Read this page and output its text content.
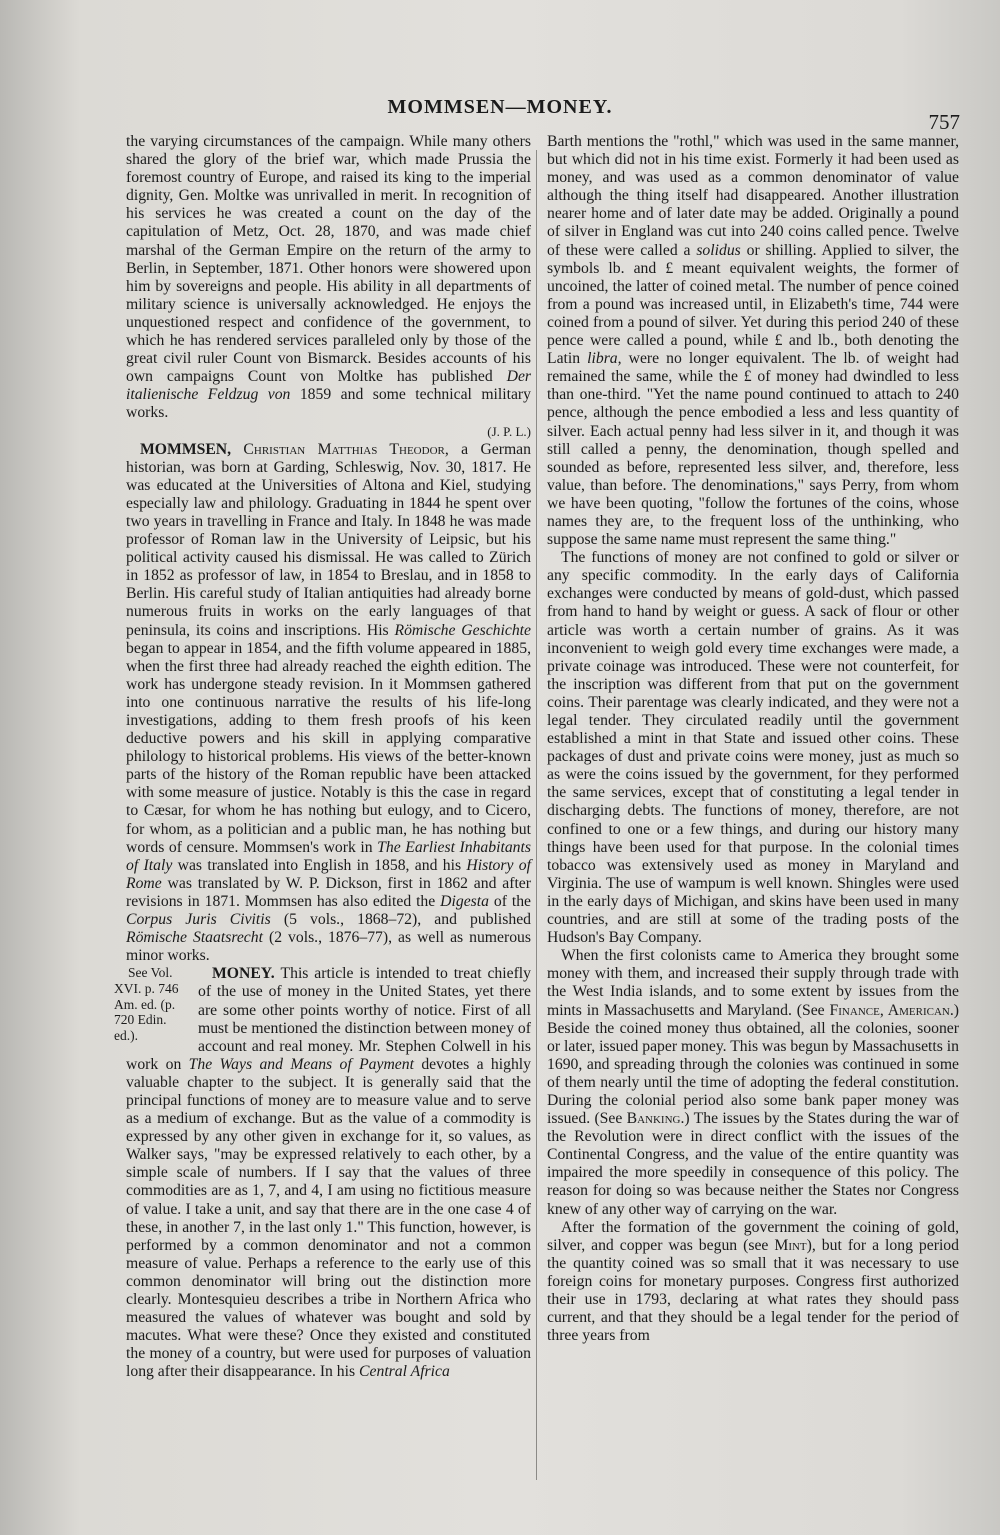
MOMMSEN—MONEY.
757

the varying circumstances of the campaign. While many others shared the glory of the brief war, which made Prussia the foremost country of Europe, and raised its king to the imperial dignity, Gen. Moltke was unrivalled in merit. In recognition of his services he was created a count on the day of the capitulation of Metz, Oct. 28, 1870, and was made chief marshal of the German Empire on the return of the army to Berlin, in September, 1871. Other honors were showered upon him by sovereigns and people. His ability in all departments of military science is universally acknowledged. He enjoys the unquestioned respect and confidence of the government, to which he has rendered services paralleled only by those of the great civil ruler Count von Bismarck. Besides accounts of his own campaigns Count von Moltke has published Der italienische Feldzug von 1859 and some technical military works.
(J. P. L.)

MOMMSEN, Christian Matthias Theodor, a German historian, was born at Garding, Schleswig, Nov. 30, 1817. He was educated at the Universities of Altona and Kiel, studying especially law and philology. Graduating in 1844 he spent over two years in travelling in France and Italy. In 1848 he was made professor of Roman law in the University of Leipsic, but his political activity caused his dismissal. He was called to Zürich in 1852 as professor of law, in 1854 to Breslau, and in 1858 to Berlin. His careful study of Italian antiquities had already borne numerous fruits in works on the early languages of that peninsula, its coins and inscriptions. His Römische Geschichte began to appear in 1854, and the fifth volume appeared in 1885, when the first three had already reached the eighth edition. The work has undergone steady revision. In it Mommsen gathered into one continuous narrative the results of his life-long investigations, adding to them fresh proofs of his keen deductive powers and his skill in applying comparative philology to historical problems. His views of the better-known parts of the history of the Roman republic have been attacked with some measure of justice. Notably is this the case in regard to Cæsar, for whom he has nothing but eulogy, and to Cicero, for whom, as a politician and a public man, he has nothing but words of censure. Mommsen's work in The Earliest Inhabitants of Italy was translated into English in 1858, and his History of Rome was translated by W. P. Dickson, first in 1862 and after revisions in 1871. Mommsen has also edited the Digesta of the Corpus Juris Civitis (5 vols., 1868–72), and published Römische Staatsrecht (2 vols., 1876–77), as well as numerous minor works.

MONEY.
See Vol. XVI. p. 746 Am. ed. (p. 720 Edin. ed.).
This article is intended to treat chiefly of the use of money in the United States, yet there are some other points worthy of notice. First of all must be mentioned the distinction between money of account and real money. Mr. Stephen Colwell in his work on The Ways and Means of Payment devotes a highly valuable chapter to the subject. It is generally said that the principal functions of money are to measure value and to serve as a medium of exchange. But as the value of a commodity is expressed by any other given in exchange for it, so values, as Walker says, "may be expressed relatively to each other, by a simple scale of numbers. If I say that the values of three commodities are as 1, 7, and 4, I am using no fictitious measure of value. I take a unit, and say that there are in the one case 4 of these, in another 7, in the last only 1." This function, however, is performed by a common denominator and not a common measure of value. Perhaps a reference to the early use of this common denominator will bring out the distinction more clearly. Montesquieu describes a tribe in Northern Africa who measured the values of whatever was bought and sold by macutes. What were these? Once they existed and constituted the money of a country, but were used for purposes of valuation long after their disappearance. In his Central Africa

Barth mentions the "rothl," which was used in the same manner, but which did not in his time exist. Formerly it had been used as money, and was used as a common denominator of value although the thing itself had disappeared. Another illustration nearer home and of later date may be added. Originally a pound of silver in England was cut into 240 coins called pence. Twelve of these were called a solidus or shilling. Applied to silver, the symbols lb. and £ meant equivalent weights, the former of uncoined, the latter of coined metal. The number of pence coined from a pound was increased until, in Elizabeth's time, 744 were coined from a pound of silver. Yet during this period 240 of these pence were called a pound, while £ and lb., both denoting the Latin libra, were no longer equivalent. The lb. of weight had remained the same, while the £ of money had dwindled to less than one-third. "Yet the name pound continued to attach to 240 pence, although the pence embodied a less and less quantity of silver. Each actual penny had less silver in it, and though it was still called a penny, the denomination, though spelled and sounded as before, represented less silver, and, therefore, less value, than before. The denominations," says Perry, from whom we have been quoting, "follow the fortunes of the coins, whose names they are, to the frequent loss of the unthinking, who suppose the same name must represent the same thing."

The functions of money are not confined to gold or silver or any specific commodity. In the early days of California exchanges were conducted by means of gold-dust, which passed from hand to hand by weight or guess. A sack of flour or other article was worth a certain number of grains. As it was inconvenient to weigh gold every time exchanges were made, a private coinage was introduced. These were not counterfeit, for the inscription was different from that put on the government coins. Their parentage was clearly indicated, and they were not a legal tender. They circulated readily until the government established a mint in that State and issued other coins. These packages of dust and private coins were money, just as much so as were the coins issued by the government, for they performed the same services, except that of constituting a legal tender in discharging debts. The functions of money, therefore, are not confined to one or a few things, and during our history many things have been used for that purpose. In the colonial times tobacco was extensively used as money in Maryland and Virginia. The use of wampum is well known. Shingles were used in the early days of Michigan, and skins have been used in many countries, and are still at some of the trading posts of the Hudson's Bay Company.

When the first colonists came to America they brought some money with them, and increased their supply through trade with the West India islands, and to some extent by issues from the mints in Massachusetts and Maryland. (See Finance, American.) Beside the coined money thus obtained, all the colonies, sooner or later, issued paper money. This was begun by Massachusetts in 1690, and spreading through the colonies was continued in some of them nearly until the time of adopting the federal constitution. During the colonial period also some bank paper money was issued. (See Banking.) The issues by the States during the war of the Revolution were in direct conflict with the issues of the Continental Congress, and the value of the entire quantity was impaired the more speedily in consequence of this policy. The reason for doing so was because neither the States nor Congress knew of any other way of carrying on the war.

After the formation of the government the coining of gold, silver, and copper was begun (see Mint), but for a long period the quantity coined was so small that it was necessary to use foreign coins for monetary purposes. Congress first authorized their use in 1793, declaring at what rates they should pass current, and that they should be a legal tender for the period of three years from
